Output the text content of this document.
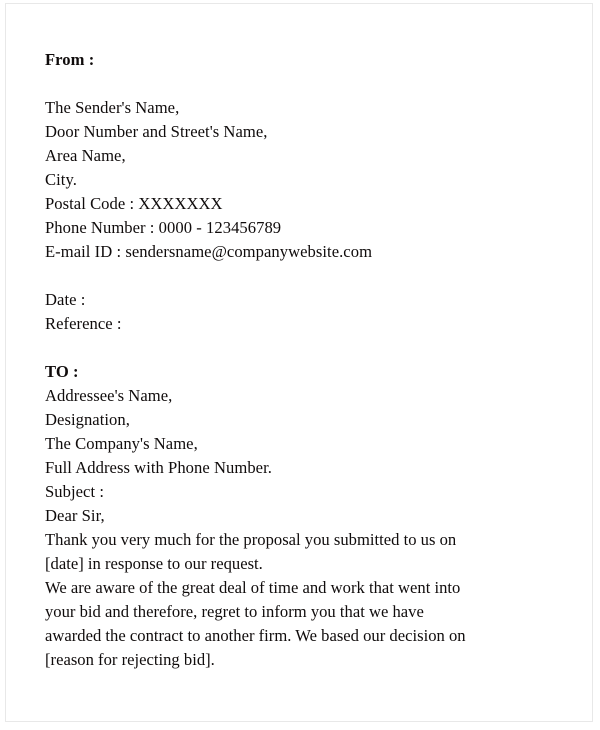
From :
The Sender's Name,
Door Number and Street's Name,
Area Name,
City.
Postal Code : XXXXXXX
Phone Number : 0000 - 123456789
E-mail ID : sendersname@companywebsite.com
Date :
Reference :
TO :
Addressee's Name,
Designation,
The Company's Name,
Full Address with Phone Number.
Subject :
Dear Sir,
Thank you very much for the proposal you submitted to us on
[date] in response to our request.
We are aware of the great deal of time and work that went into
your bid and therefore, regret to inform you that we have
awarded the contract to another firm. We based our decision on
[reason for rejecting bid].
